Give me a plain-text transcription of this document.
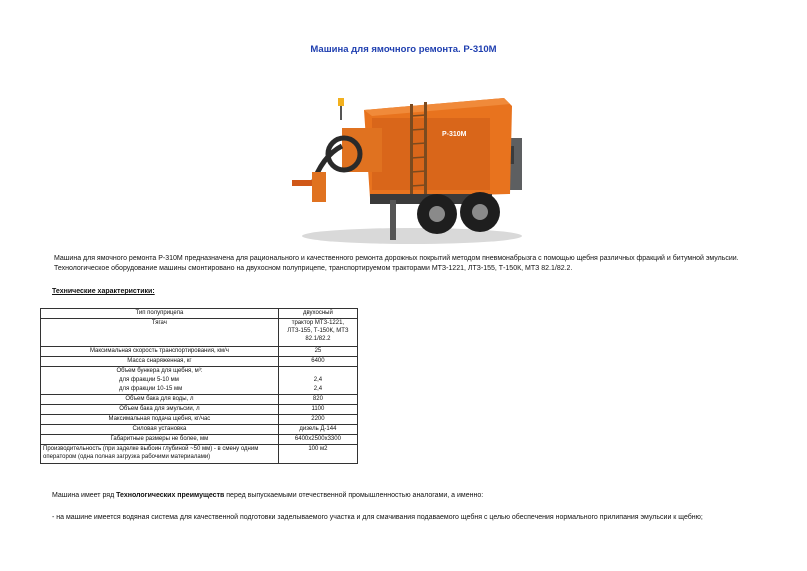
Машина для ямочного ремонта. Р-310М
Р-310М
Машина для ямочного ремонта Р-310М предназначена для рационального и качественного ремонта дорожных покрытий методом пневмонабрызга с помощью щебня различных фракций и битумной эмульсии.
Технологическое оборудование машины смонтировано на двухосном полуприцепе, транспортируемом тракторами МТЗ-1221, ЛТЗ-155, Т-150К, МТЗ 82.1/82.2.
Технические характеристики:
Тип полуприцепа	двухосный
Тягач	трактор МТЗ-1221, ЛТЗ-155, Т-150К, МТЗ 82.1/82.2
Максимальная скорость транспортирования, км/ч	25
Масса снаряженная, кг	6400
Объем бункера для щебня, м³:	
для фракции 5-10 мм	2,4
для фракции 10-15 мм	2,4
Объем бака для воды, л	820
Объем бака для эмульсии, л	1100
Максимальная подача щебня, кг/час	2200
Силовая установка	дизель Д-144
Габаритные размеры не более, мм	6400x2500x3300
Производительность (при заделке выбоин глубиной ~50 мм) - в смену одним оператором (одна полная загрузка рабочими материалами)	100 м2
Машина имеет ряд Технологических преимуществ перед выпускаемыми отечественной промышленностью аналогами, а именно:
- на машине имеется водяная система для качественной подготовки заделываемого участка и для смачивания подаваемого щебня с целью обеспечения нормального прилипания эмульсии к щебню;
